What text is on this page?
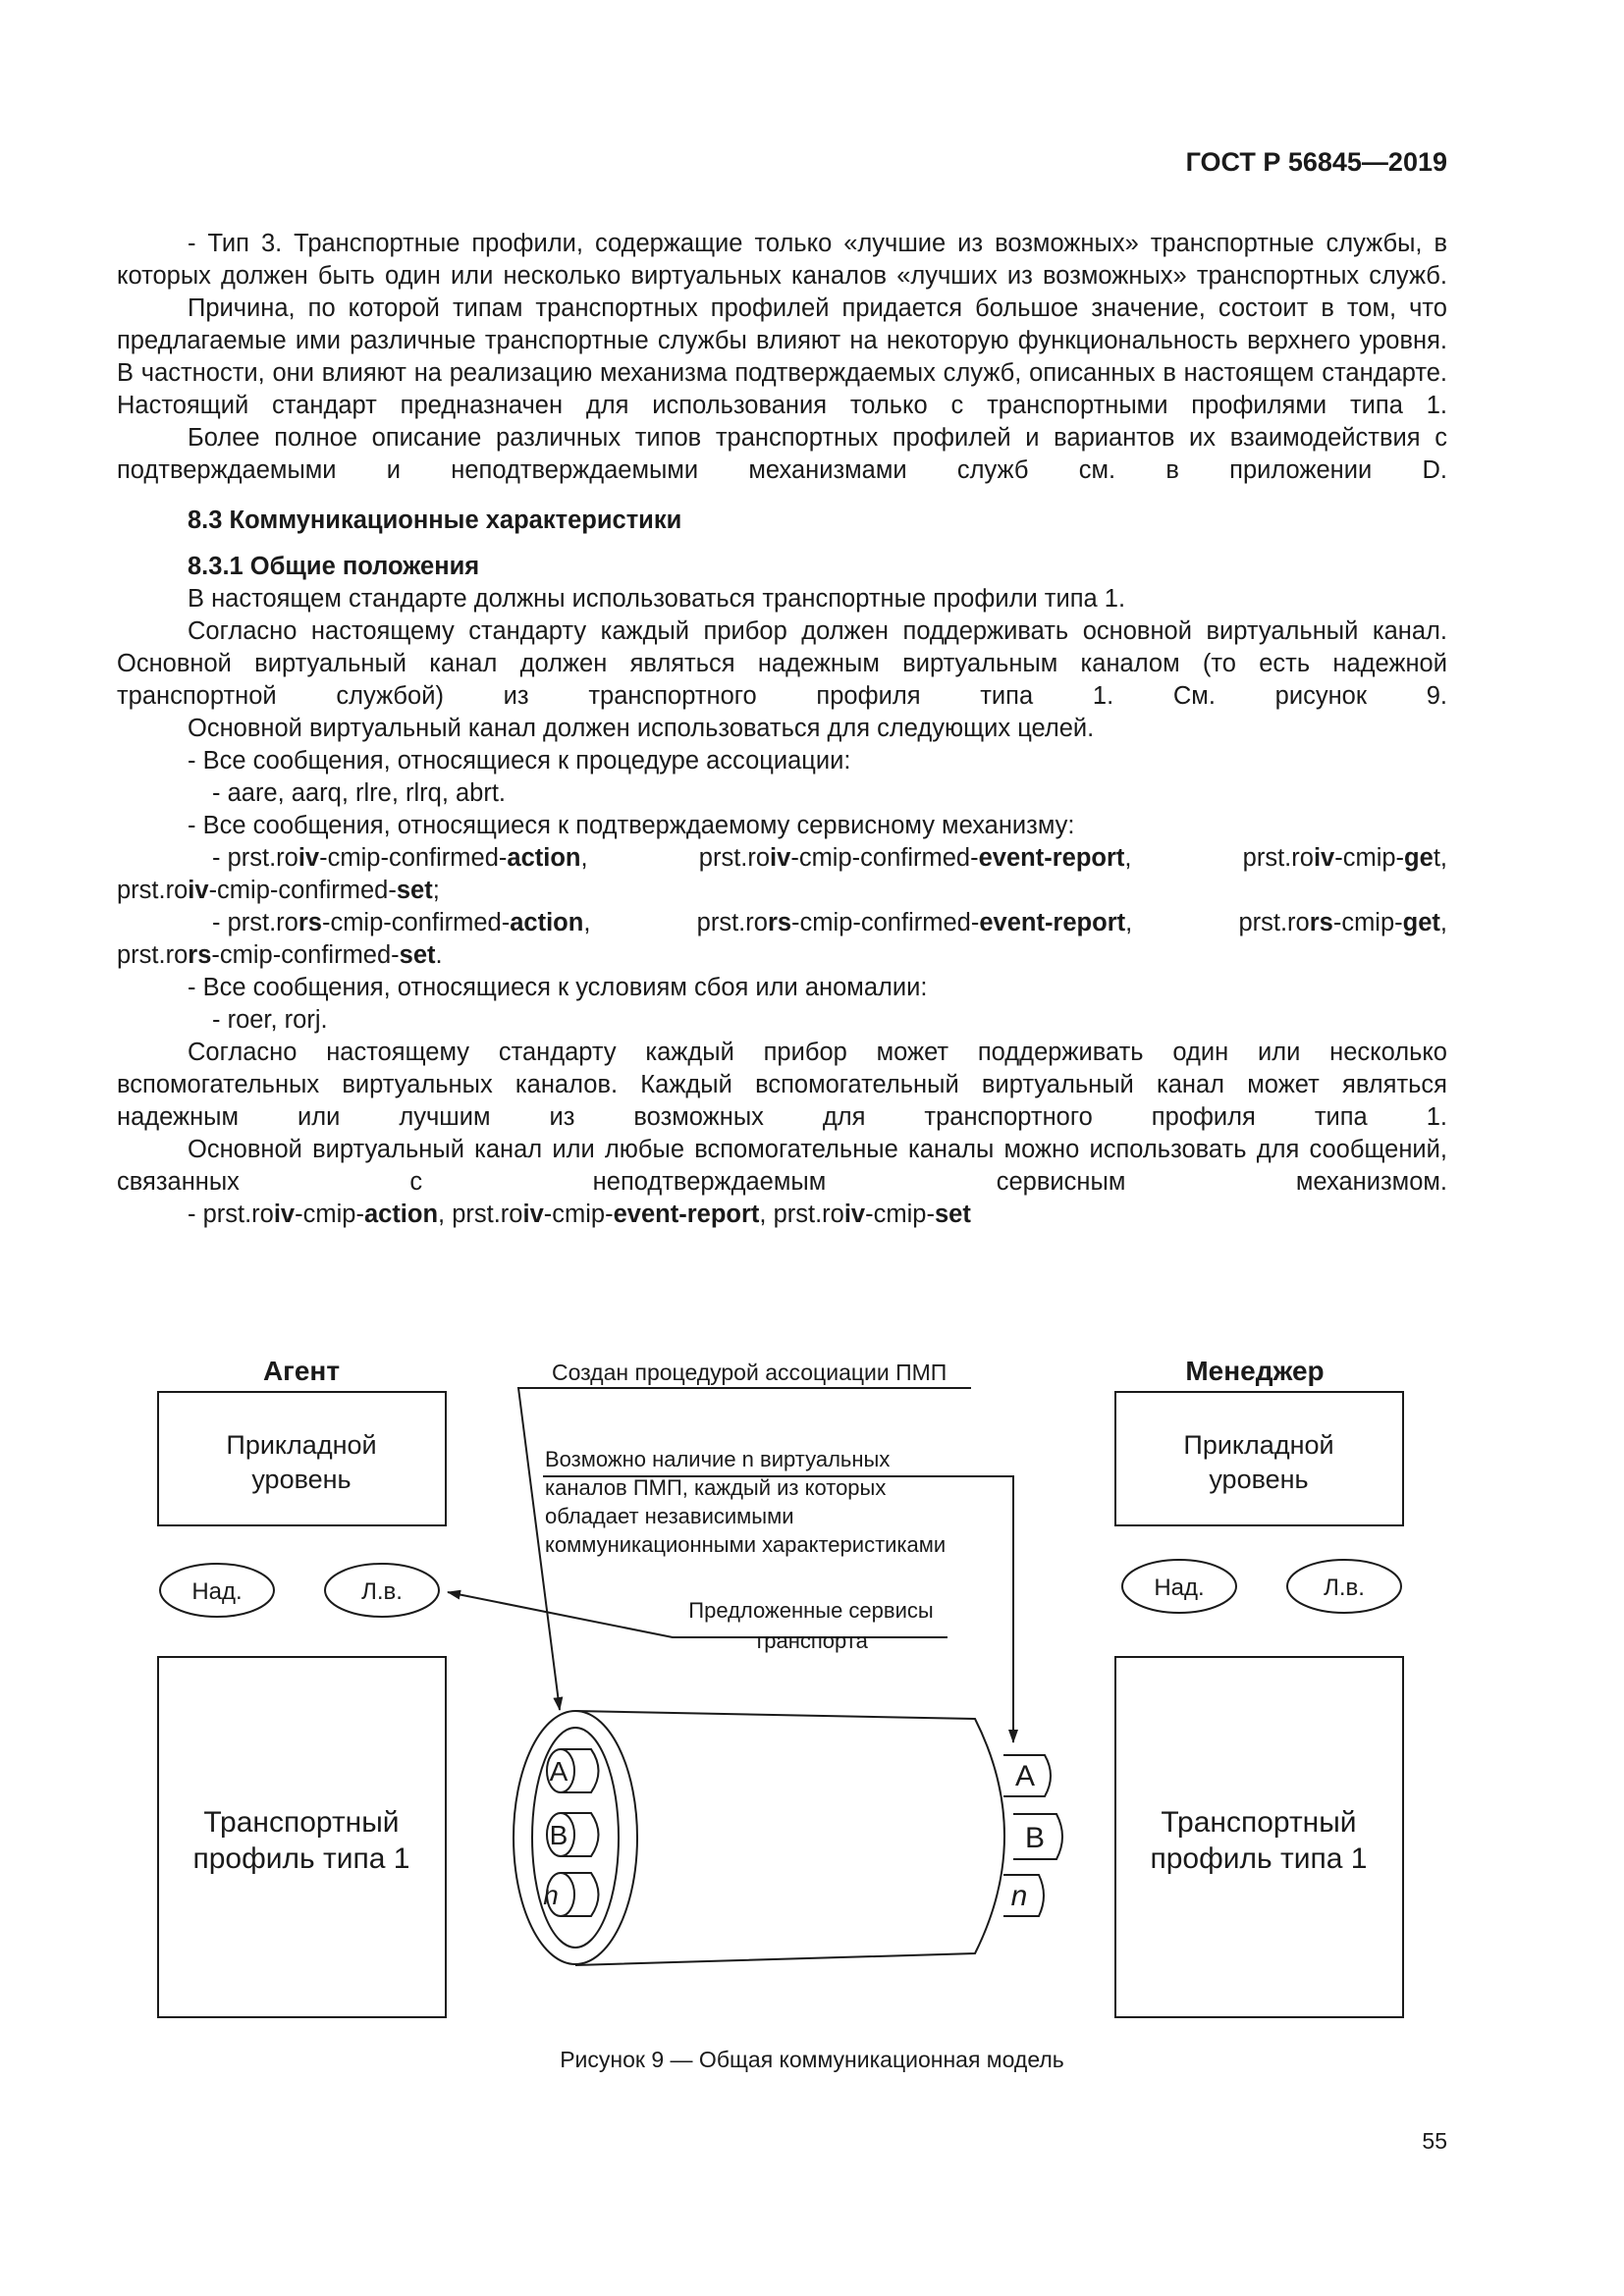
ГОСТ Р 56845—2019

- Тип 3. Транспортные профили, содержащие только «лучшие из возможных» транспортные службы, в которых должен быть один или несколько виртуальных каналов «лучших из возможных» транспортных служб.

Причина, по которой типам транспортных профилей придается большое значение, состоит в том, что предлагаемые ими различные транспортные службы влияют на некоторую функциональность верхнего уровня. В частности, они влияют на реализацию механизма подтверждаемых служб, описанных в настоящем стандарте. Настоящий стандарт предназначен для использования только с транспортными профилями типа 1.

Более полное описание различных типов транспортных профилей и вариантов их взаимодействия с подтверждаемыми и неподтверждаемыми механизмами служб см. в приложении D.

8.3 Коммуникационные характеристики

8.3.1 Общие положения

В настоящем стандарте должны использоваться транспортные профили типа 1.

Согласно настоящему стандарту каждый прибор должен поддерживать основной виртуальный канал. Основной виртуальный канал должен являться надежным виртуальным каналом (то есть надежной транспортной службой) из транспортного профиля типа 1. См. рисунок 9.

Основной виртуальный канал должен использоваться для следующих целей.

- Все сообщения, относящиеся к процедуре ассоциации:

- aare, aarq, rlre, rlrq, abrt.

- Все сообщения, относящиеся к подтверждаемому сервисному механизму:

- prst.roiv-cmip-confirmed-action,	prst.roiv-cmip-confirmed-event-report,	prst.roiv-cmip-get,

prst.roiv-cmip-confirmed-set;

- prst.rors-cmip-confirmed-action,	prst.rors-cmip-confirmed-event-report,	prst.rors-cmip-get,

prst.rors-cmip-confirmed-set.

- Все сообщения, относящиеся к условиям сбоя или аномалии:

- roer, rorj.

Согласно настоящему стандарту каждый прибор может поддерживать один или несколько вспомогательных виртуальных каналов. Каждый вспомогательный виртуальный канал может являться надежным или лучшим из возможных для транспортного профиля типа 1.

Основной виртуальный канал или любые вспомогательные каналы можно использовать для сообщений, связанных с неподтверждаемым сервисным механизмом.

- prst.roiv-cmip-action, prst.roiv-cmip-event-report, prst.roiv-cmip-set

Агент	Менеджер
Прикладной
уровень
Прикладной
уровень
Над.	Л.в.	Над.	Л.в.
Транспортный
профиль типа 1
Транспортный
профиль типа 1
Создан процедурой ассоциации ПМП
Возможно наличие n виртуальных
каналов ПМП, каждый из которых
обладает независимыми
коммуникационными характеристиками
Предложенные сервисы
транспорта
A
B
n
A
B
n
Рисунок 9 — Общая коммуникационная модель
55
